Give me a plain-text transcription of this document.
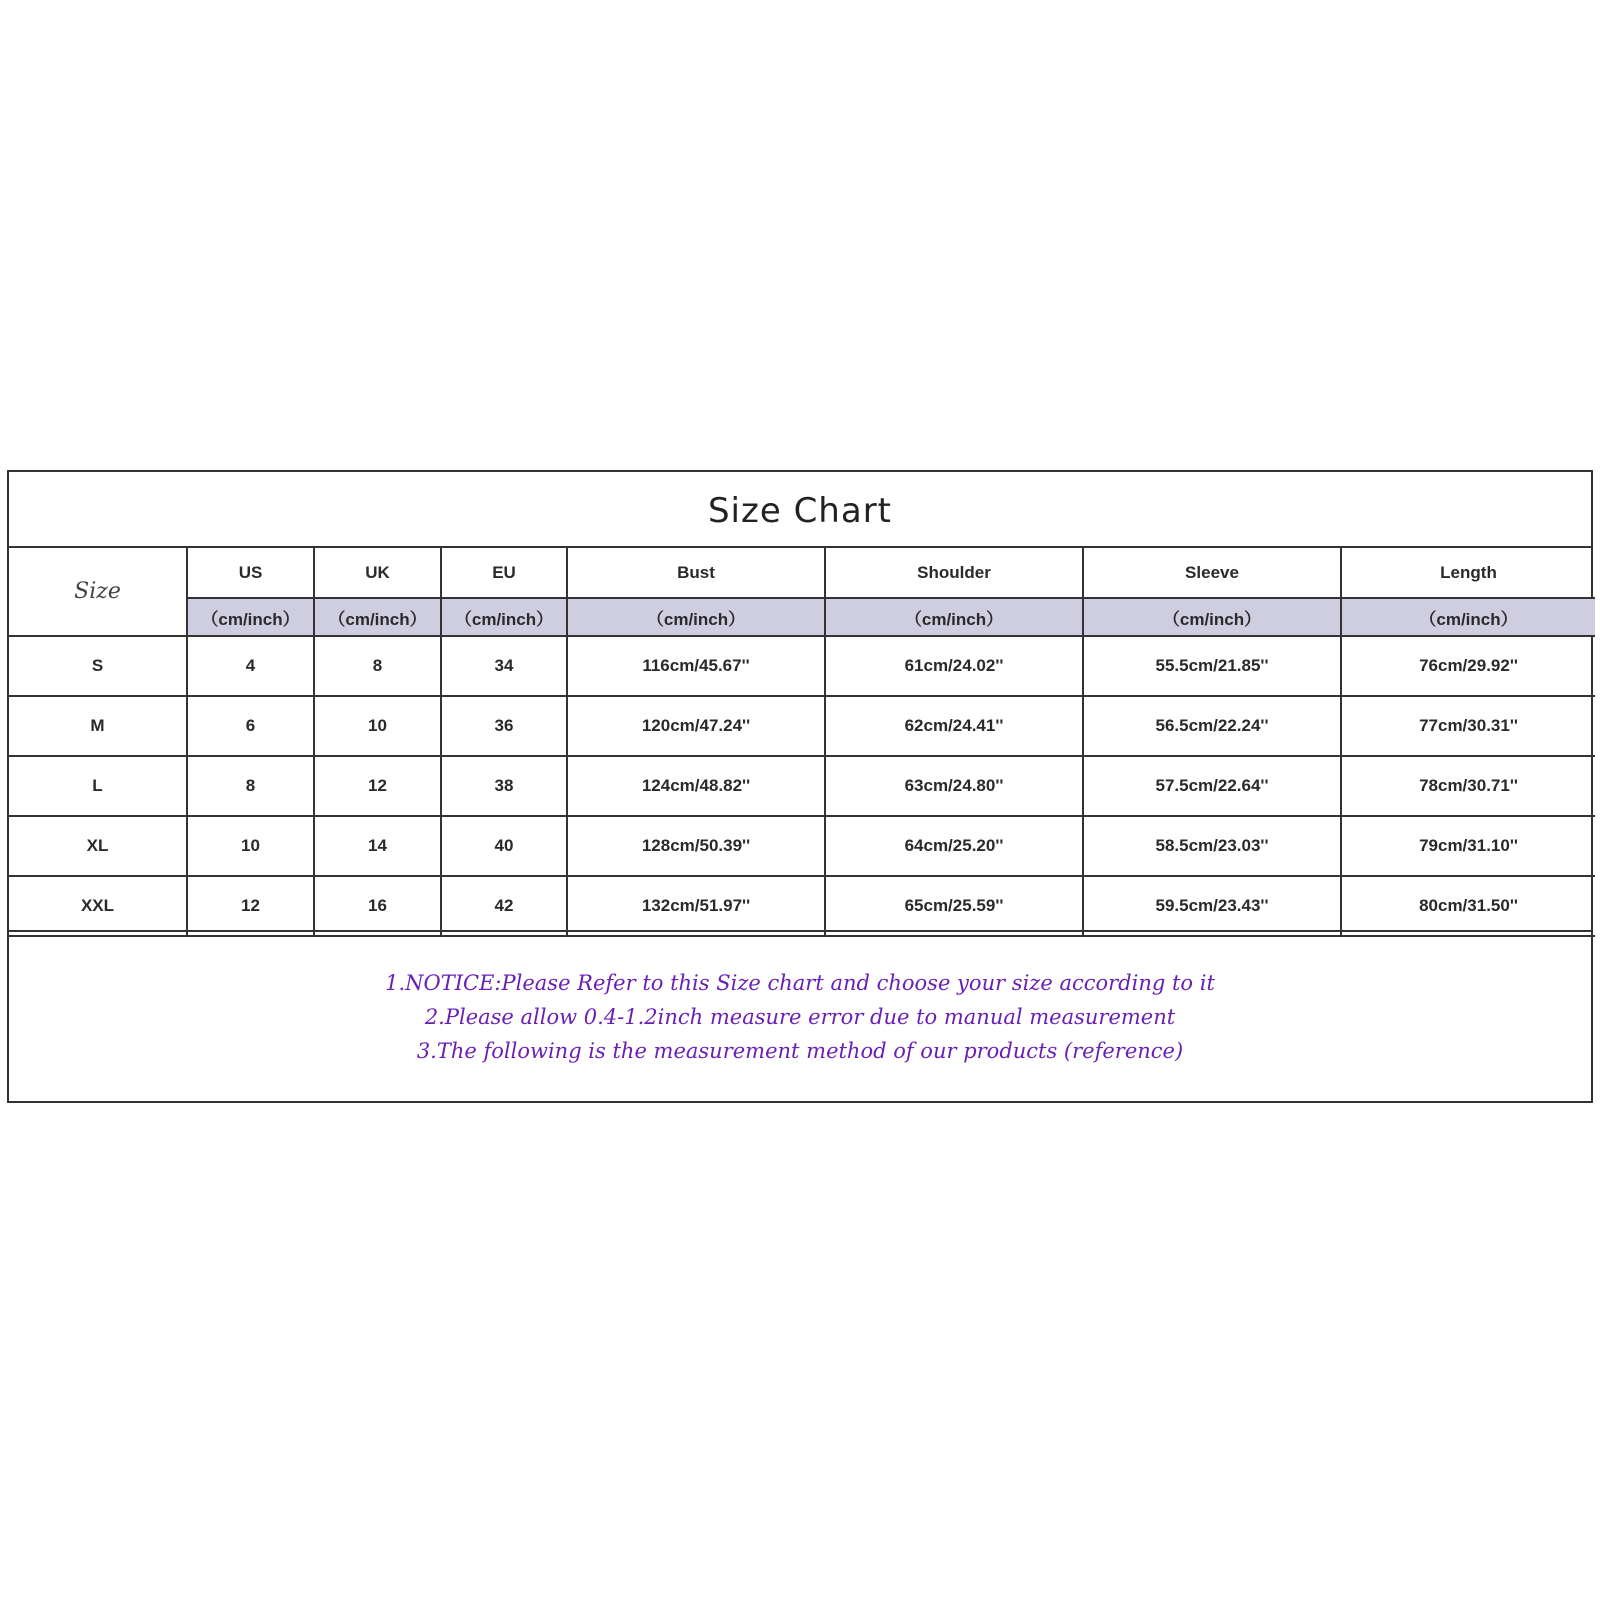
Size Chart
Size	US	UK	EU	Bust	Shoulder	Sleeve	Length
	（cm/inch）	（cm/inch）	（cm/inch）	（cm/inch）	（cm/inch）	（cm/inch）	（cm/inch）
S	4	8	34	116cm/45.67''	61cm/24.02''	55.5cm/21.85''	76cm/29.92''
M	6	10	36	120cm/47.24''	62cm/24.41''	56.5cm/22.24''	77cm/30.31''
L	8	12	38	124cm/48.82''	63cm/24.80''	57.5cm/22.64''	78cm/30.71''
XL	10	14	40	128cm/50.39''	64cm/25.20''	58.5cm/23.03''	79cm/31.10''
XXL	12	16	42	132cm/51.97''	65cm/25.59''	59.5cm/23.43''	80cm/31.50''
1.NOTICE:Please Refer to this Size chart and choose your size according to it
2.Please allow 0.4-1.2inch measure error due to manual measurement
3.The following is the measurement method of our products (reference)
